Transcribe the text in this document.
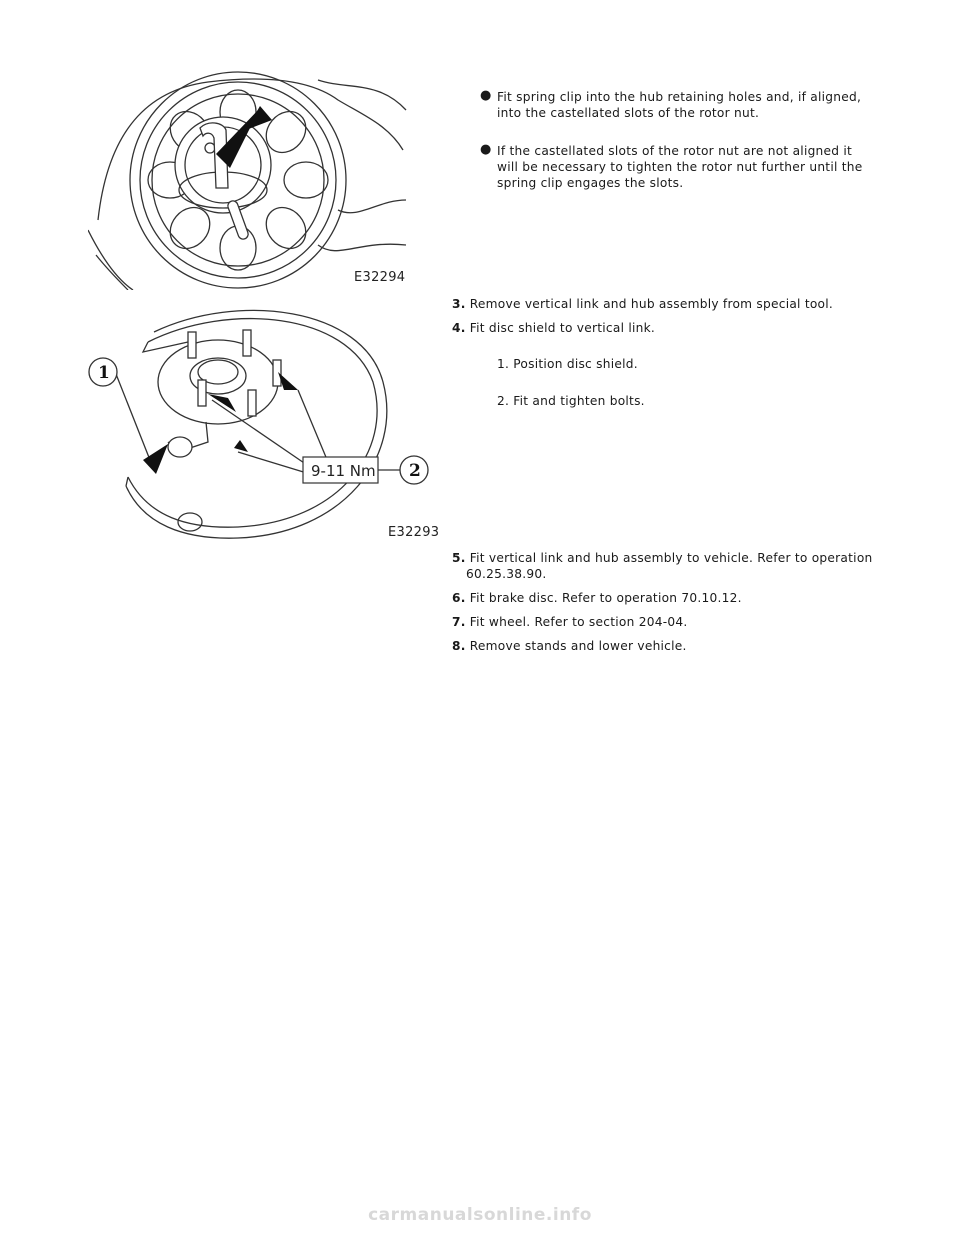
E32294
9-11 Nm
1
2
E32293
● Fit spring clip into the hub retaining holes and, if aligned,
into the castellated slots of the rotor nut.
● If the castellated slots of the rotor nut are not aligned it
will be necessary to tighten the rotor nut further until the
spring clip engages the slots.
3. Remove vertical link and hub assembly from special tool.
4. Fit disc shield to vertical link.
1. Position disc shield.
2. Fit and tighten bolts.
5. Fit vertical link and hub assembly to vehicle. Refer to operation
60.25.38.90.
6. Fit brake disc. Refer to operation 70.10.12.
7. Fit wheel. Refer to section 204-04.
8. Remove stands and lower vehicle.
carmanualsonline.info
